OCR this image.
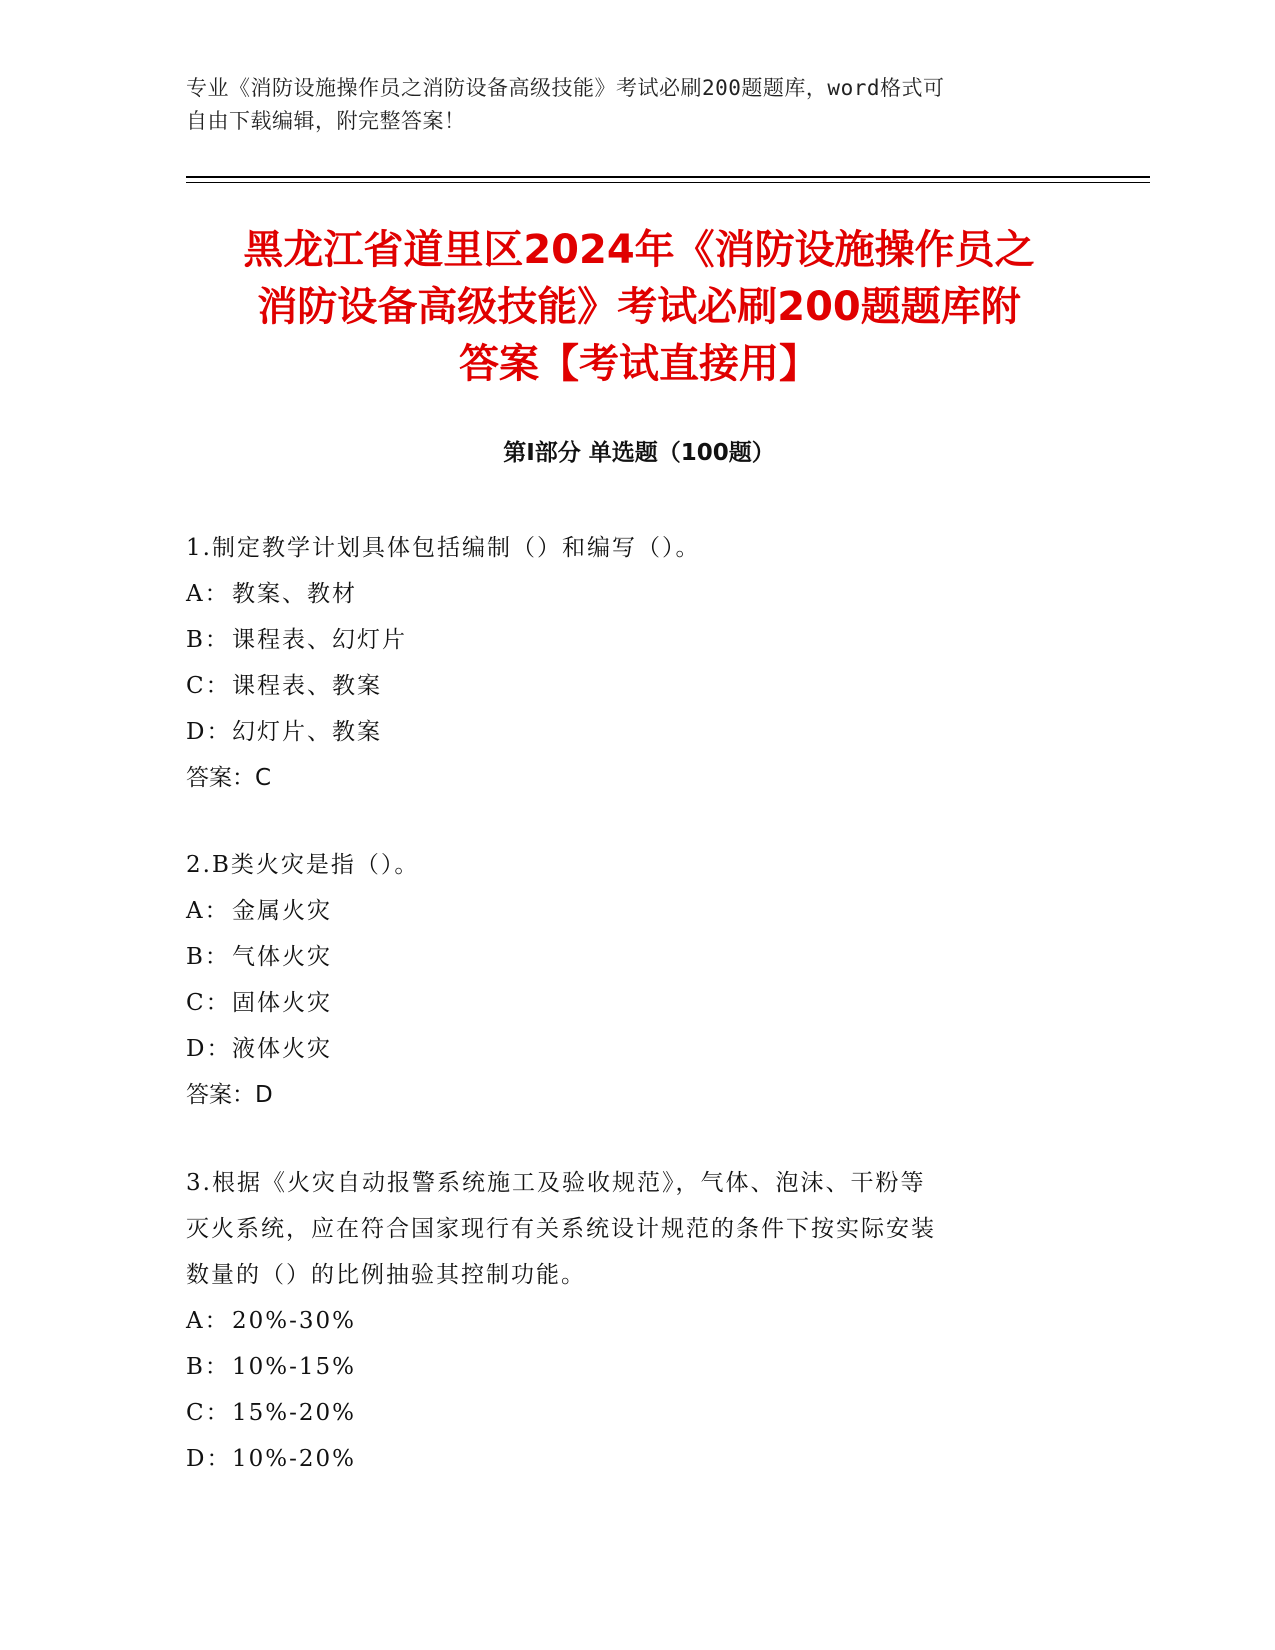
专业《消防设施操作员之消防设备高级技能》考试必刷200题题库，word格式可
自由下载编辑，附完整答案！
黑龙江省道里区2024年《消防设施操作员之
消防设备高级技能》考试必刷200题题库附
答案【考试直接用】
第Ⅰ部分 单选题（100题）
1.制定教学计划具体包括编制（）和编写（）。
A： 教案、教材
B：课程表、幻灯片
C：课程表、教案
D：幻灯片、教案
答案：C
2.B类火灾是指（）。
A： 金属火灾
B：气体火灾
C：固体火灾
D：液体火灾
答案：D
3.根据《火灾自动报警系统施工及验收规范》，气体、泡沫、干粉等
灭火系统，应在符合国家现行有关系统设计规范的条件下按实际安装
数量的（）的比例抽验其控制功能。
A： 20%-30%
B：10%-15%
C：15%-20%
D：10%-20%
